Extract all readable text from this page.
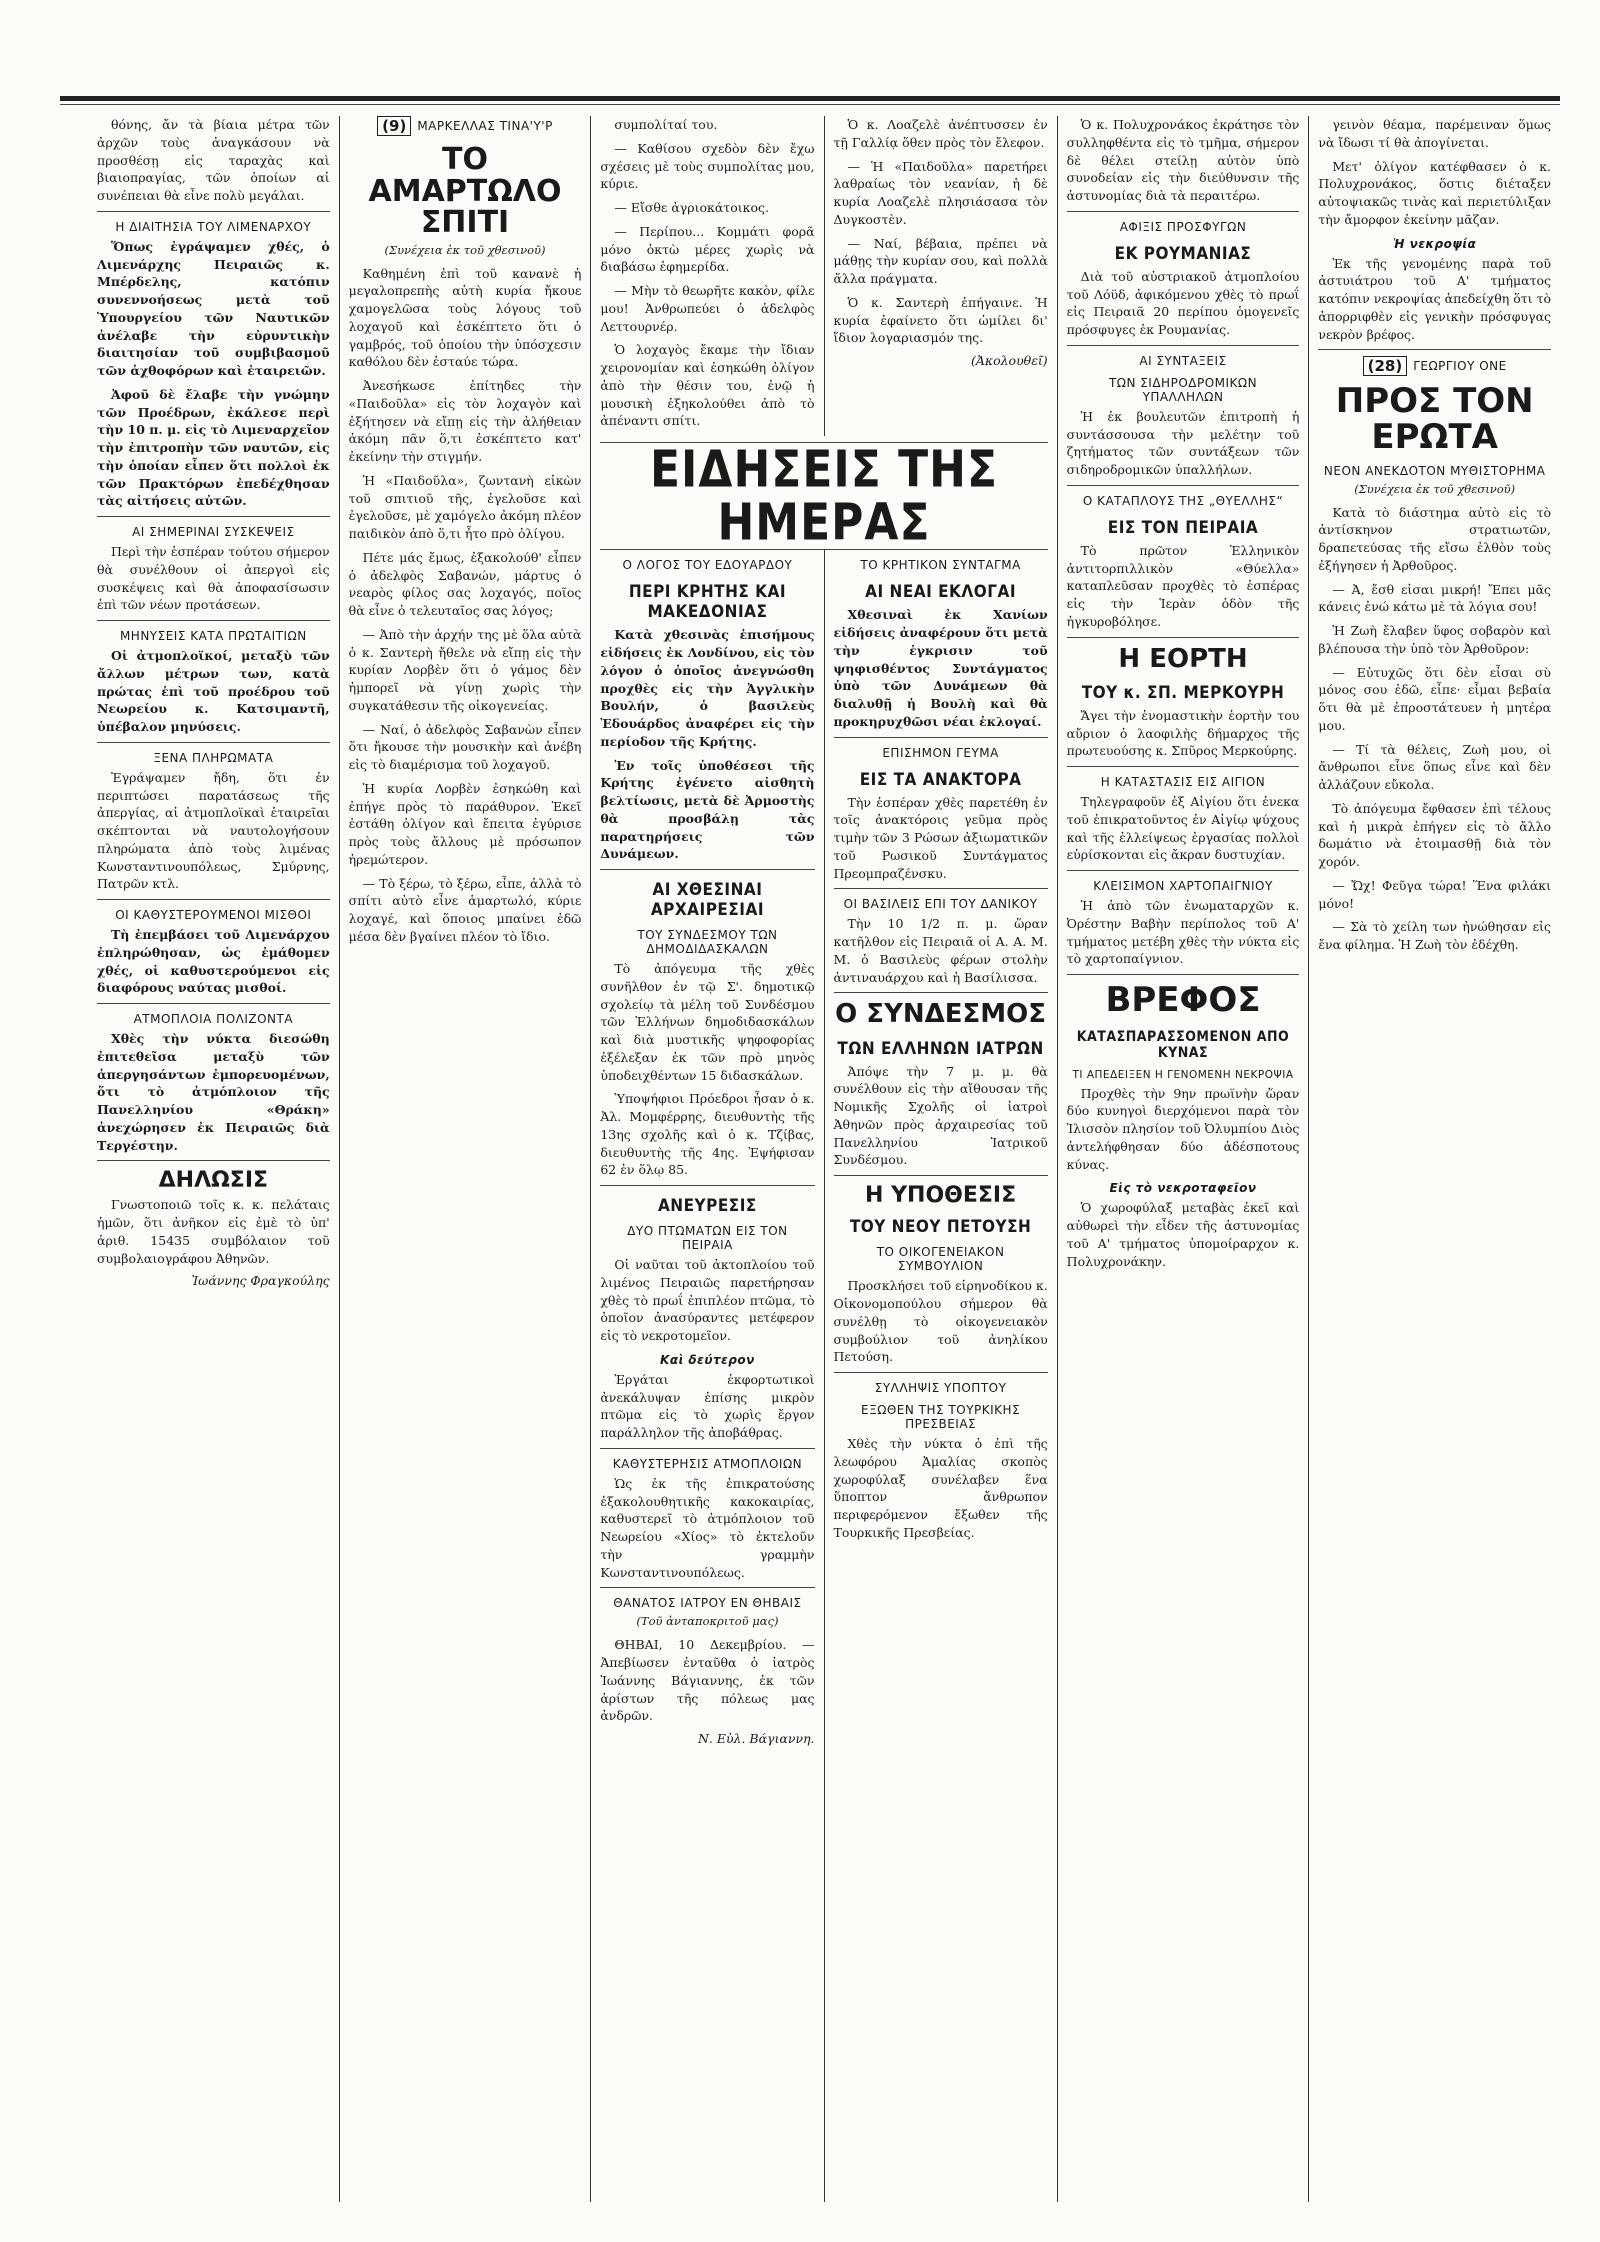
θόνης, ἄν τὰ βίαια μέτρα τῶν ἀρχῶν τοὺς ἀναγκάσουν νὰ προσθέσῃ εἰς ταραχὰς καὶ βιαιοπραγίας, τῶν ὁποίων αἱ συνέπειαι θὰ εἶνε πολὺ μεγάλαι.

Η ΔΙΑΙΤΗΣΙΑ ΤΟΥ ΛΙΜΕΝΑΡΧΟΥ

Ὅπως ἐγράψαμεν χθές, ὁ Λιμενάρχης Πειραιῶς κ. Μπέρδελης, κατόπιν συνεννοήσεως μετὰ τοῦ Ὑπουργείου τῶν Ναυτικῶν ἀνέλαβε τὴν εὐρυντικὴν διαιτησίαν τοῦ συμβιβασμοῦ τῶν ἀχθοφόρων καὶ ἑταιρειῶν.

Ἀφοῦ δὲ ἔλαβε τὴν γνώμην τῶν Προέδρων, ἐκάλεσε περὶ τὴν 10 π. μ. εἰς τὸ Λιμεναρχεῖον τὴν ἐπιτροπὴν τῶν ναυτῶν, εἰς τὴν ὁποίαν εἶπεν ὅτι πολλοὶ ἐκ τῶν Πρακτόρων ἐπεδέχθησαν τὰς αἰτήσεις αὐτῶν.

ΑΙ ΣΗΜΕΡΙΝΑΙ ΣΥΣΚΕΨΕΙΣ

Περὶ τὴν ἑσπέραν τούτου σήμερον θὰ συνέλθουν οἱ ἀπεργοὶ εἰς συσκέψεις καὶ θὰ ἀποφασίσωσιν ἐπὶ τῶν νέων προτάσεων.

ΜΗΝΥΣΕΙΣ ΚΑΤΑ ΠΡΩΤΑΙΤΙΩΝ

Οἱ ἀτμοπλοϊκοί, μεταξὺ τῶν ἄλλων μέτρων των, κατὰ πρώτας ἐπὶ τοῦ προέδρου τοῦ Νεωρείου κ. Κατσιμαντῆ, ὑπέβαλον μηνύσεις.

ΞΕΝΑ ΠΛΗΡΩΜΑΤΑ

Ἐγράψαμεν ἤδη, ὅτι ἐν περιπτώσει παρατάσεως τῆς ἀπεργίας, αἱ ἀτμοπλοϊκαὶ ἑταιρεῖαι σκέπτονται νὰ ναυτολογήσουν πληρώματα ἀπὸ τοὺς λιμένας Κωνσταντινουπόλεως, Σμύρνης, Πατρῶν κτλ.

ΟΙ ΚΑΘΥΣΤΕΡΟΥΜΕΝΟΙ ΜΙΣΘΟΙ

Τὴ ἐπεμβάσει τοῦ Λιμενάρχου ἐπληρώθησαν, ὡς ἐμάθομεν χθές, οἱ καθυστερούμενοι εἰς διαφόρους ναύτας μισθοί.

ΑΤΜΟΠΛΟΙΑ ΠΟΛΙΖΟΝΤΑ

Χθὲς τὴν νύκτα διεσώθη ἐπιτεθεῖσα μεταξὺ τῶν ἀπεργησάντων ἐμπορευομένων, ὅτι τὸ ἀτμόπλοιον τῆς Πανελληνίου «Θράκη» ἀνεχώρησεν ἐκ Πειραιῶς διὰ Τεργέστην.

ΔΗΛΩΣΙΣ

Γνωστοποιῶ τοῖς κ. κ. πελάταις ἡμῶν, ὅτι ἀνῆκον εἰς ἐμὲ τὸ ὑπ' ἀριθ. 15435 συμβόλαιον τοῦ συμβολαιογράφου Ἀθηνῶν.

Ἰωάννης Φραγκούλης
(9) ΜΑΡΚΕΛΛΑΣ ΤΙΝΑ'Υ'Ρ
ΤΟ ΑΜΑΡΤΩΛΟ ΣΠΙΤΙ
(Συνέχεια ἐκ τοῦ χθεσινοῦ)

Καθημένη ἐπὶ τοῦ κανανὲ ἡ μεγαλοπρεπὴς αὐτὴ κυρία ἤκουε χαμογελῶσα τοὺς λόγους τοῦ λοχαγοῦ καὶ ἐσκέπτετο ὅτι ὁ γαμβρός, τοῦ ὁποίου τὴν ὑπόσχεσιν καθόλου δὲν ἐσταύε τώρα.

Ἀνεσήκωσε ἐπίτηδες τὴν «Παιδοῦλα» εἰς τὸν λοχαγὸν καὶ ἐξήτησεν νὰ εἴπῃ εἰς τὴν ἀλήθειαν ἀκόμη πᾶν ὅ,τι ἐσκέπτετο κατ' ἐκείνην τὴν στιγμήν.

Ἡ «Παιδοῦλα», ζωντανὴ εἰκὼν τοῦ σπιτιοῦ τῆς, ἐγελοῦσε καὶ ἐγελοῦσε, μὲ χαμόγελο ἀκόμη πλέον παιδικὸν ἀπὸ ὅ,τι ἦτο πρὸ ὀλίγου.

Πέτε μάς ἔμως, ἐξακολούθ' εἶπεν ὁ ἀδελφὸς Σαβανών, μάρτυς ὁ νεαρὸς φίλος σας λοχαγός, ποῖος θὰ εἶνε ὁ τελευταῖος σας λόγος;

— Ἀπὸ τὴν ἀρχήν της μὲ ὅλα αὐτὰ ὁ κ. Σαντερὴ ἤθελε νὰ εἴπῃ εἰς τὴν κυρίαν Λορβὲν ὅτι ὁ γάμος δὲν ἠμπορεῖ νὰ γίνῃ χωρὶς τὴν συγκατάθεσιν τῆς οἰκογενείας.

— Ναί, ὁ ἀδελφὸς Σαβανὼν εἶπεν ὅτι ἤκουσε τὴν μουσικὴν καὶ ἀνέβη εἰς τὸ διαμέρισμα τοῦ λοχαγοῦ.

Ἡ κυρία Λορβὲν ἐσηκώθη καὶ ἐπήγε πρὸς τὸ παράθυρον. Ἐκεῖ ἐστάθη ὀλίγον καὶ ἔπειτα ἐγύρισε πρὸς τοὺς ἄλλους μὲ πρόσωπον ἠρεμώτερον.

— Τὸ ξέρω, τὸ ξέρω, εἶπε, ἀλλὰ τὸ σπίτι αὐτὸ εἶνε ἁμαρτωλό, κύριε λοχαγέ, καὶ ὅποιος μπαίνει ἐδῶ μέσα δὲν βγαίνει πλέον τὸ ἴδιο.

συμπολίταί του.

— Καθίσου σχεδὸν δὲν ἔχω σχέσεις μὲ τοὺς συμπολίτας μου, κύριε.

— Εἴσθε ἀγριοκάτοικος.

— Περίπου... Κομμάτι φορᾶ μόνο ὀκτὼ μέρες χωρὶς νὰ διαβάσω ἐφημερίδα.

— Μὴν τὸ θεωρῆτε κακὸν, φίλε μου! Ἀνθρωπεύει ὁ ἀδελφὸς Λεττουρνέρ.

Ὁ λοχαγὸς ἔκαμε τὴν ἴδιαν χειρονομίαν καὶ ἐσηκώθη ὀλίγον ἀπὸ τὴν θέσιν του, ἐνῷ ἡ μουσικὴ ἐξηκολούθει ἀπὸ τὸ ἀπέναντι σπίτι.

Ὁ κ. Λοαζελὲ ἀνέπτυσσεν ἐν τῇ Γαλλίᾳ ὅθεν πρὸς τὸν ἔλεφον.

— Ἡ «Παιδοῦλα» παρετήρει λαθραίως τὸν νεανίαν, ἡ δὲ κυρία Λοαζελὲ πλησιάσασα τὸν Δυγκοστὲν.

— Ναί, βέβαια, πρέπει νὰ μάθῃς τὴν κυρίαν σου, καὶ πολλὰ ἄλλα πράγματα.

Ὁ κ. Σαντερὴ ἐπήγαινε. Ἡ κυρία ἐφαίνετο ὅτι ὡμίλει δι' ἴδιον λογαριασμόν της.

(Ἀκολουθεῖ)
ΕΙΔΗΣΕΙΣ ΤΗΣ ΗΜΕΡΑΣ
Ο ΛΟΓΟΣ ΤΟΥ ΕΔΟΥΑΡΔΟΥ
ΠΕΡΙ ΚΡΗΤΗΣ ΚΑΙ ΜΑΚΕΔΟΝΙΑΣ

Κατὰ χθεσινὰς ἐπισήμους εἰδήσεις ἐκ Λονδίνου, εἰς τὸν λόγον ὁ ὁποῖος ἀνεγνώσθη προχθὲς εἰς τὴν Ἀγγλικὴν Βουλήν, ὁ βασιλεὺς Ἐδουάρδος ἀναφέρει εἰς τὴν περίοδον τῆς Κρήτης.

Ἐν τοῖς ὑποθέσεσι τῆς Κρήτης ἐγένετο αἰσθητὴ βελτίωσις, μετὰ δὲ Ἀρμοστὴς θὰ προσβάλῃ τὰς παρατηρήσεις τῶν Δυνάμεων.

ΑΙ ΧΘΕΣΙΝΑΙ ΑΡΧΑΙΡΕΣΙΑΙ
ΤΟΥ ΣΥΝΔΕΣΜΟΥ ΤΩΝ ΔΗΜΟΔΙΔΑΣΚΑΛΩΝ

Τὸ ἀπόγευμα τῆς χθὲς συνῆλθον ἐν τῷ Σ'. δημοτικῷ σχολείῳ τὰ μέλη τοῦ Συνδέσμου τῶν Ἑλλήνων δημοδιδασκάλων καὶ διὰ μυστικῆς ψηφοφορίας ἐξέλεξαν ἐκ τῶν πρὸ μηνὸς ὑποδειχθέντων 15 διδασκάλων.

Ὑποψήφιοι Πρόεδροι ἦσαν ὁ κ. Ἀλ. Μομφέρρης, διευθυντὴς τῆς 13ης σχολῆς καὶ ὁ κ. Τζίβας, διευθυντὴς τῆς 4ης. Ἐψήφισαν 62 ἐν ὅλῳ 85.

ΑΝΕΥΡΕΣΙΣ
ΔΥΟ ΠΤΩΜΑΤΩΝ ΕΙΣ ΤΟΝ ΠΕΙΡΑΙΑ

Οἱ ναῦται τοῦ ἀκτοπλοίου τοῦ λιμένος Πειραιῶς παρετήρησαν χθὲς τὸ πρωΐ ἐπιπλέον πτῶμα, τὸ ὁποῖον ἀνασύραντες μετέφερον εἰς τὸ νεκροτομεῖον.

Καὶ δεύτερον

Ἐργάται ἐκφορτωτικοὶ ἀνεκάλυψαν ἐπίσης μικρὸν πτῶμα εἰς τὸ χωρὶς ἔργον παράλληλον τῆς ἀποβάθρας.

ΚΑΘΥΣΤΕΡΗΣΙΣ ΑΤΜΟΠΛΟΙΩΝ

Ὡς ἐκ τῆς ἐπικρατούσης ἐξακολουθητικῆς κακοκαιρίας, καθυστερεῖ τὸ ἀτμόπλοιον τοῦ Νεωρείου «Χίος» τὸ ἐκτελοῦν τὴν γραμμὴν Κωνσταντινουπόλεως.

ΘΑΝΑΤΟΣ ΙΑΤΡΟΥ ΕΝ ΘΗΒΑΙΣ
(Τοῦ ἀνταποκριτοῦ μας)

ΘΗΒΑΙ, 10 Δεκεμβρίου. — Ἀπεβίωσεν ἐνταῦθα ὁ ἰατρὸς Ἰωάννης Βάγιαννης, ἐκ τῶν ἀρίστων τῆς πόλεως μας ἀνδρῶν.

Ν. Εὐλ. Βάγιαννη.
ΤΟ ΚΡΗΤΙΚΟΝ ΣΥΝΤΑΓΜΑ
ΑΙ ΝΕΑΙ ΕΚΛΟΓΑΙ

Χθεσιναὶ ἐκ Χανίων εἰδήσεις ἀναφέρουν ὅτι μετὰ τὴν ἐγκρισιν τοῦ ψηφισθέντος Συντάγματος ὑπὸ τῶν Δυνάμεων θὰ διαλυθῇ ἡ Βουλὴ καὶ θὰ προκηρυχθῶσι νέαι ἐκλογαί.

ΕΠΙΣΗΜΟΝ ΓΕΥΜΑ
ΕΙΣ ΤΑ ΑΝΑΚΤΟΡΑ

Τὴν ἑσπέραν χθὲς παρετέθη ἐν τοῖς ἀνακτόροις γεῦμα πρὸς τιμὴν τῶν 3 Ρώσων ἀξιωματικῶν τοῦ Ρωσικοῦ Συντάγματος Πρεομπραζένσκυ.

ΟΙ ΒΑΣΙΛΕΙΣ ΕΠΙ ΤΟΥ ΔΑΝΙΚΟΥ

Τὴν 10 1/2 π. μ. ὥραν κατῆλθον εἰς Πειραιᾶ οἱ Α. Α. Μ. Μ. ὁ Βασιλεὺς φέρων στολὴν ἀντιναυάρχου καὶ ἡ Βασίλισσα.

Ο ΣΥΝΔΕΣΜΟΣ
ΤΩΝ ΕΛΛΗΝΩΝ ΙΑΤΡΩΝ

Ἀπόψε τὴν 7 μ. μ. θὰ συνέλθουν εἰς τὴν αἴθουσαν τῆς Νομικῆς Σχολῆς οἱ ἰατροὶ Ἀθηνῶν πρὸς ἀρχαιρεσίας τοῦ Πανελληνίου Ἰατρικοῦ Συνδέσμου.

Η ΥΠΟΘΕΣΙΣ
ΤΟΥ ΝΕΟΥ ΠΕΤΟΥΣΗ
ΤΟ ΟΙΚΟΓΕΝΕΙΑΚΟΝ ΣΥΜΒΟΥΛΙΟΝ

Προσκλήσει τοῦ εἰρηνοδίκου κ. Οἰκονομοπούλου σήμερον θὰ συνέλθῃ τὸ οἰκογενειακὸν συμβούλιον τοῦ ἀνηλίκου Πετούση.

ΣΥΛΛΗΨΙΣ ΥΠΟΠΤΟΥ
ΕΞΩΘΕΝ ΤΗΣ ΤΟΥΡΚΙΚΗΣ ΠΡΕΣΒΕΙΑΣ

Χθὲς τὴν νύκτα ὁ ἐπὶ τῆς λεωφόρου Ἀμαλίας σκοπὸς χωροφύλαξ συνέλαβεν ἕνα ὕποπτον ἄνθρωπον περιφερόμενον ἔξωθεν τῆς Τουρκικῆς Πρεσβείας.

Ὁ κ. Πολυχρονάκος ἐκράτησε τὸν συλληφθέντα εἰς τὸ τμῆμα, σήμερον δὲ θέλει στείλῃ αὐτὸν ὑπὸ συνοδείαν εἰς τὴν διεύθυνσιν τῆς ἀστυνομίας διὰ τὰ περαιτέρω.

ΑΦΙΞΙΣ ΠΡΟΣΦΥΓΩΝ
ΕΚ ΡΟΥΜΑΝΙΑΣ

Διὰ τοῦ αὐστριακοῦ ἀτμοπλοίου τοῦ Λόϋδ, ἀφικόμενου χθὲς τὸ πρωΐ εἰς Πειραιᾶ 20 περίπου ὁμογενεῖς πρόσφυγες ἐκ Ρουμανίας.

ΑΙ ΣΥΝΤΑΞΕΙΣ
ΤΩΝ ΣΙΔΗΡΟΔΡΟΜΙΚΩΝ ΥΠΑΛΛΗΛΩΝ

Ἡ ἐκ βουλευτῶν ἐπιτροπὴ ἡ συντάσσουσα τὴν μελέτην τοῦ ζητήματος τῶν συντάξεων τῶν σιδηροδρομικῶν ὑπαλλήλων.

Ο ΚΑΤΑΠΛΟΥΣ ΤΗΣ „ΘΥΕΛΛΗΣ“
ΕΙΣ ΤΟΝ ΠΕΙΡΑΙΑ

Τὸ πρῶτον Ἑλληνικὸν ἀντιτορπιλλικὸν «Θύελλα» καταπλεῦσαν προχθὲς τὸ ἑσπέρας εἰς τὴν Ἱερὰν ὁδὸν τῆς ἠγκυροβόλησε.

Η ΕΟΡΤΗ
ΤΟΥ κ. ΣΠ. ΜΕΡΚΟΥΡΗ

Ἄγει τὴν ἑνομαστικὴν ἑορτὴν του αὔριον ὁ λαοφιλὴς δήμαρχος τῆς πρωτευούσης κ. Σπῦρος Μερκούρης.

Η ΚΑΤΑΣΤΑΣΙΣ ΕΙΣ ΑΙΓΙΟΝ

Τηλεγραφοῦν ἐξ Αἰγίου ὅτι ἐνεκα τοῦ ἐπικρατοῦντος ἐν Αἰγίῳ ψύχους καὶ τῆς ἐλλείψεως ἐργασίας πολλοὶ εὑρίσκονται εἰς ἄκραν δυστυχίαν.

ΚΛΕΙΣΙΜΟΝ ΧΑΡΤΟΠΑΙΓΝΙΟΥ

Ἡ ἀπὸ τῶν ἐνωματαρχῶν κ. Ὀρέστην Βαβὴν περίπολος τοῦ Α' τμήματος μετέβη χθὲς τὴν νύκτα εἰς τὸ χαρτοπαίγνιον.

ΒΡΕΦΟΣ
ΚΑΤΑΣΠΑΡΑΣΣΟΜΕΝΟΝ ΑΠΟ ΚΥΝΑΣ
ΤΙ ΑΠΕΔΕΙΞΕΝ Η ΓΕΝΟΜΕΝΗ ΝΕΚΡΟΨΙΑ

Προχθὲς τὴν 9ην πρωϊνὴν ὥραν δύο κυνηγοὶ διερχόμενοι παρὰ τὸν Ἰλισσὸν πλησίον τοῦ Ὀλυμπίου Διὸς ἀντελήφθησαν δύο ἀδέσποτους κύνας.

Εἰς τὸ νεκροταφεῖον

Ὁ χωροφύλαξ μεταβὰς ἐκεῖ καὶ αὐθωρεὶ τὴν εἶδεν τῆς ἀστυνομίας τοῦ Α' τμήματος ὑπομοίραρχον κ. Πολυχρονάκην.

γεινὸν θέαμα, παρέμειναν ὅμως νὰ ἴδωσι τί θὰ ἀπογίνεται.

Μετ' ὀλίγον κατέφθασεν ὁ κ. Πολυχρονάκος, ὅστις διέταξεν αὐτοψιακῶς τινὰς καὶ περιετύλιξαν τὴν ἄμορφον ἐκείνην μᾶζαν.

Ἡ νεκροψία

Ἐκ τῆς γενομένης παρὰ τοῦ ἀστυιάτρου τοῦ Α' τμήματος κατόπιν νεκροψίας ἀπεδείχθη ὅτι τὸ ἀπορριφθὲν εἰς γενικὴν πρόσφυγας νεκρὸν βρέφος.

(28) ΓΕΩΡΓΙΟΥ ΟΝΕ
ΠΡΟΣ ΤΟΝ ΕΡΩΤΑ
ΝΕΟΝ ΑΝΕΚΔΟΤΟΝ ΜΥΘΙΣΤΟΡΗΜΑ
(Συνέχεια ἐκ τοῦ χθεσινοῦ)

Κατὰ τὸ διάστημα αὐτὸ εἰς τὸ ἀντίσκηνον στρατιωτῶν, δραπετεύσας τῆς εἴσω ἐλθὸν τοὺς ἐξήγησεν ἡ Ἀρθοῦρος.

— Ἀ, ἔσθ εἰσαι μικρή! Ἔπει μᾶς κάνεις ἐνώ κάτω μὲ τὰ λόγια σου!

Ἡ Ζωὴ ἔλαβεν ὕφος σοβαρὸν καὶ βλέπουσα τὴν ὑπὸ τὸν Ἀρθοῦρον:

— Εὐτυχῶς ὅτι δὲν εἶσαι σὺ μόνος σου ἐδῶ, εἶπε· εἶμαι βεβαία ὅτι θὰ μὲ ἐπροστάτευεν ἡ μητέρα μου.

— Τί τὰ θέλεις, Ζωὴ μου, οἱ ἄνθρωποι εἶνε ὅπως εἶνε καὶ δὲν ἀλλάζουν εὔκολα.

Τὸ ἀπόγευμα ἔφθασεν ἐπὶ τέλους καὶ ἡ μικρὰ ἐπήγεν εἰς τὸ ἄλλο δωμάτιο νὰ ἑτοιμασθῇ διὰ τὸν χορόν.

— Ὤχ! Φεῦγα τώρα! Ἕνα φιλάκι μόνο!

— Σὰ τὸ χείλη των ἠνώθησαν εἰς ἔνα φίλημα. Ἡ Ζωὴ τὸν ἐδέχθη.
